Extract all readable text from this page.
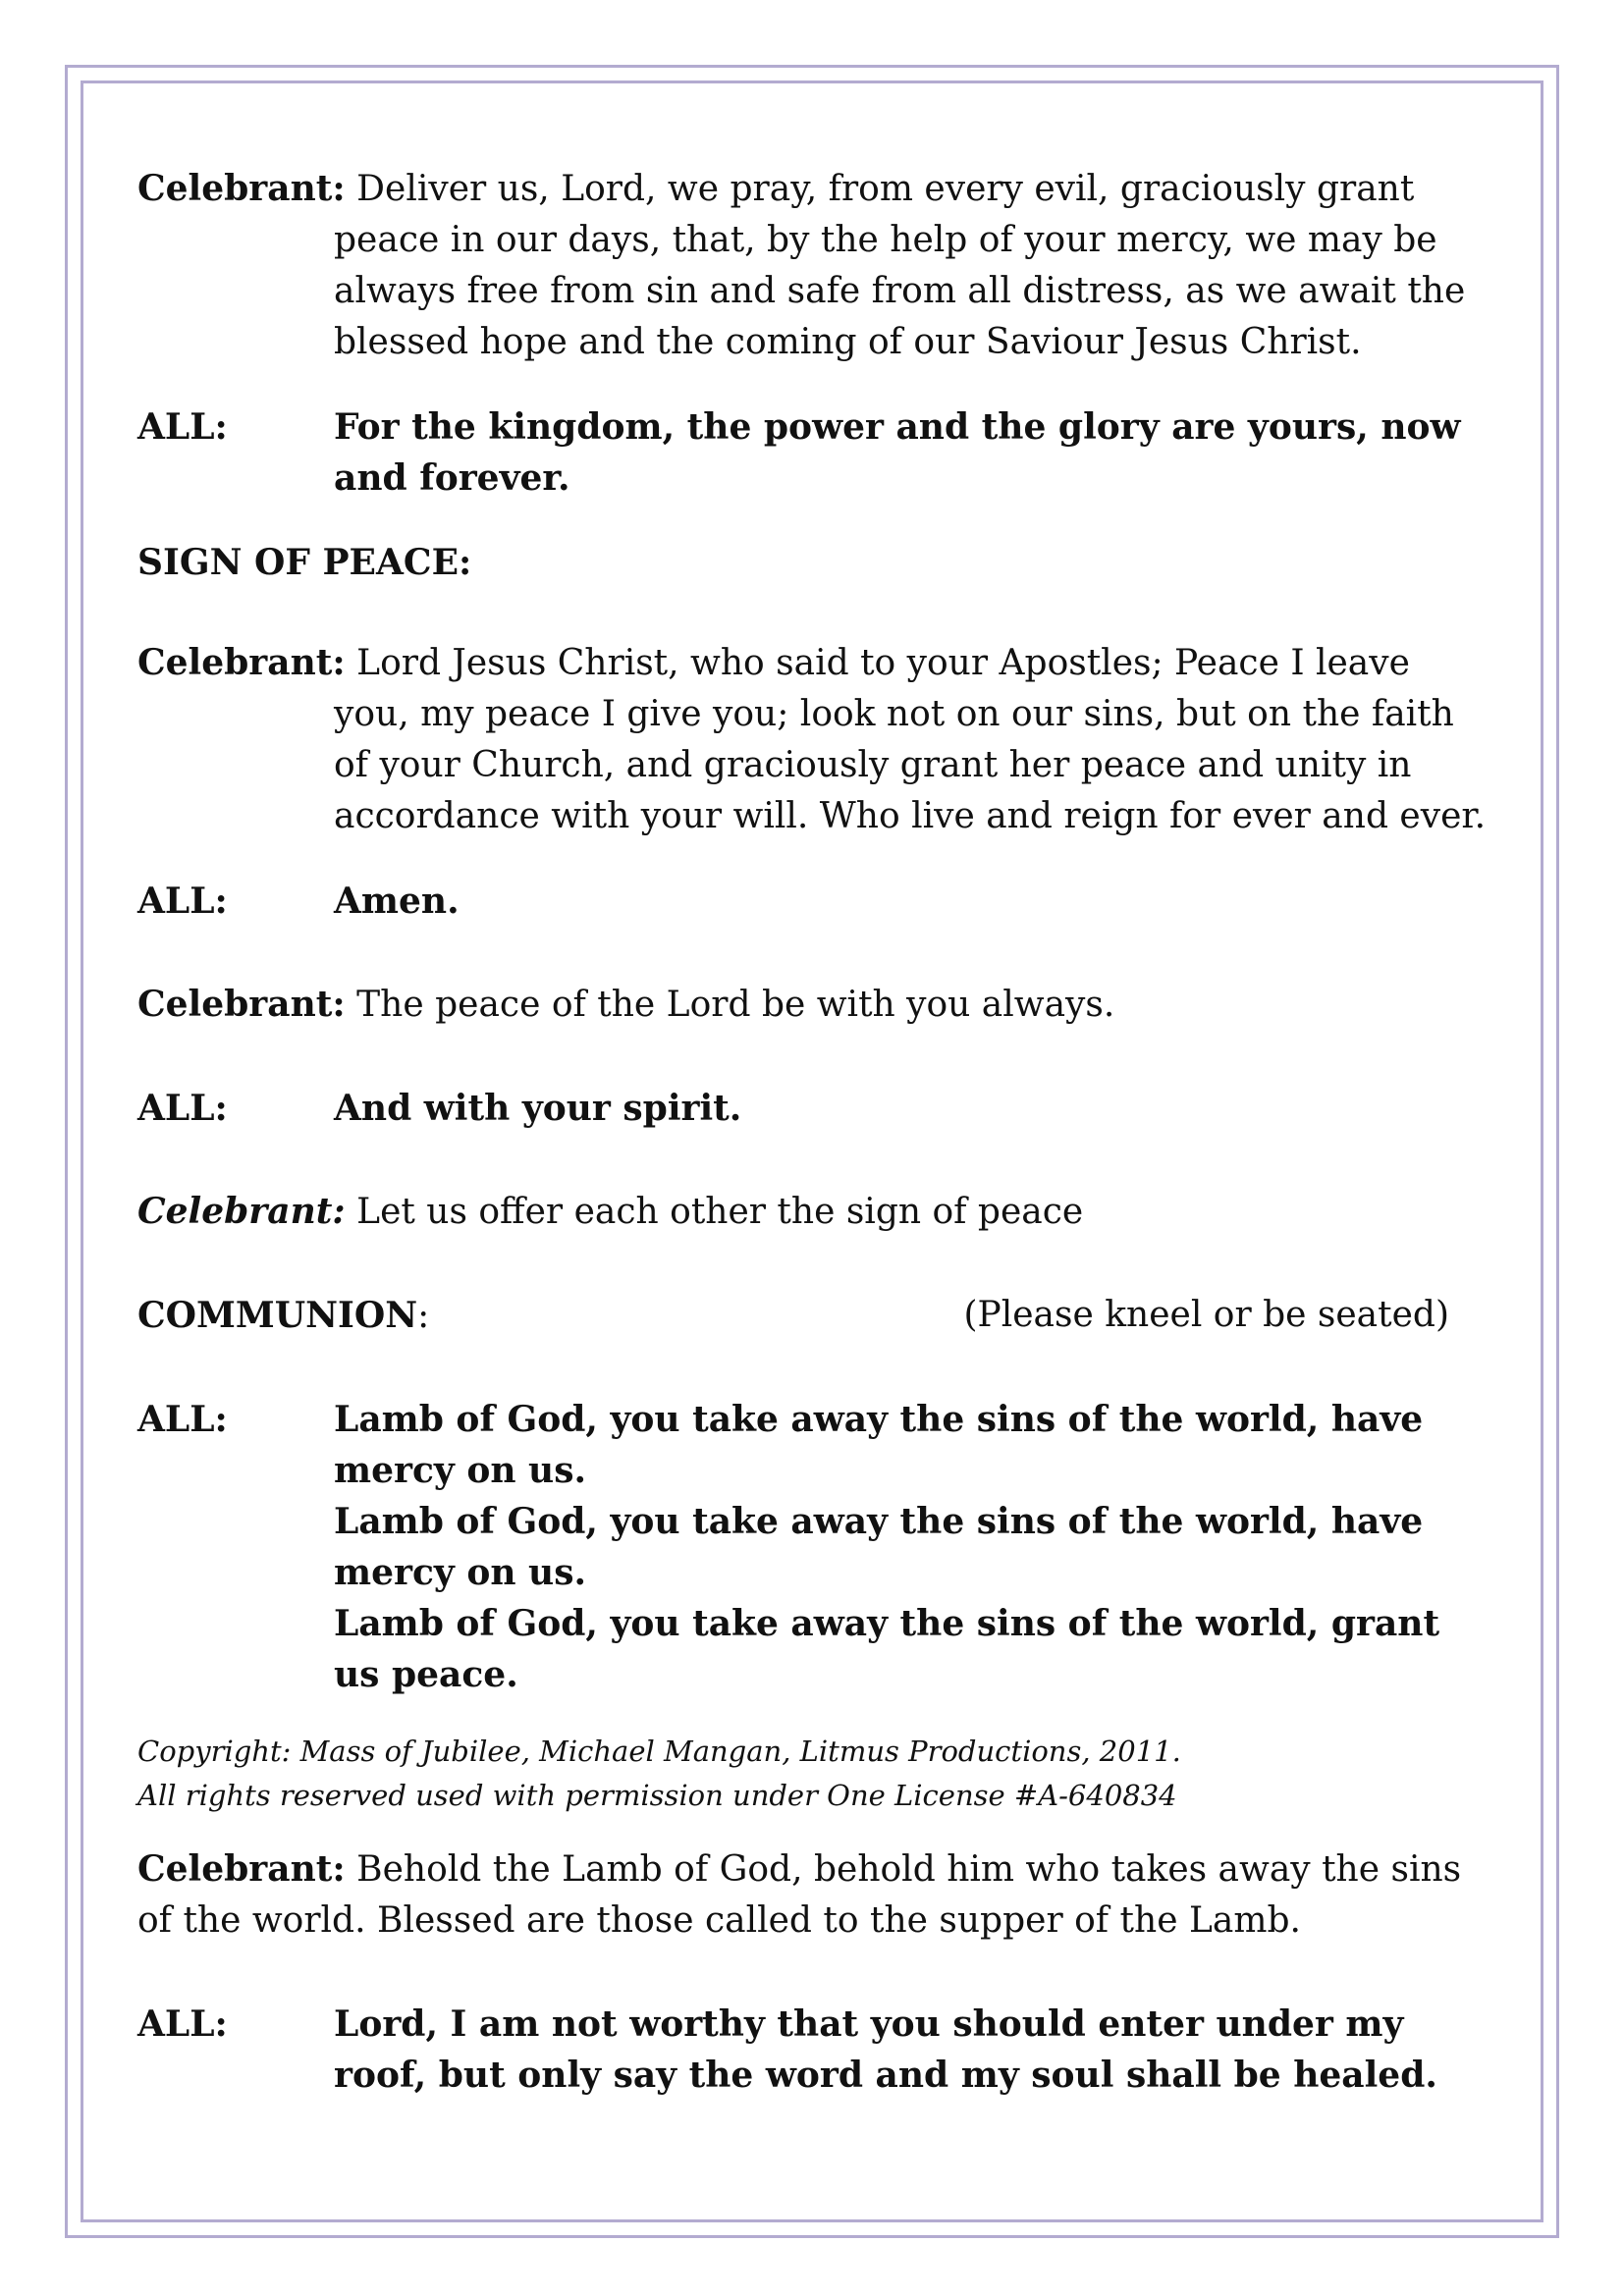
Celebrant: Deliver us, Lord, we pray, from every evil, graciously grant peace in our days, that, by the help of your mercy, we may be always free from sin and safe from all distress, as we await the blessed hope and the coming of our Saviour Jesus Christ.
ALL:	For the kingdom, the power and the glory are yours, now and forever.
SIGN OF PEACE:
Celebrant: Lord Jesus Christ, who said to your Apostles; Peace I leave you, my peace I give you; look not on our sins, but on the faith of your Church, and graciously grant her peace and unity in accordance with your will. Who live and reign for ever and ever.
ALL:	Amen.
Celebrant: The peace of the Lord be with you always.
ALL:	And with your spirit.
Celebrant: Let us offer each other the sign of peace
COMMUNION:	(Please kneel or be seated)
ALL:	Lamb of God, you take away the sins of the world, have mercy on us.
Lamb of God, you take away the sins of the world, have mercy on us.
Lamb of God, you take away the sins of the world, grant us peace.
Copyright: Mass of Jubilee, Michael Mangan, Litmus Productions, 2011.
All rights reserved used with permission under One License #A-640834
Celebrant: Behold the Lamb of God, behold him who takes away the sins of the world. Blessed are those called to the supper of the Lamb.
ALL:	Lord, I am not worthy that you should enter under my roof, but only say the word and my soul shall be healed.
